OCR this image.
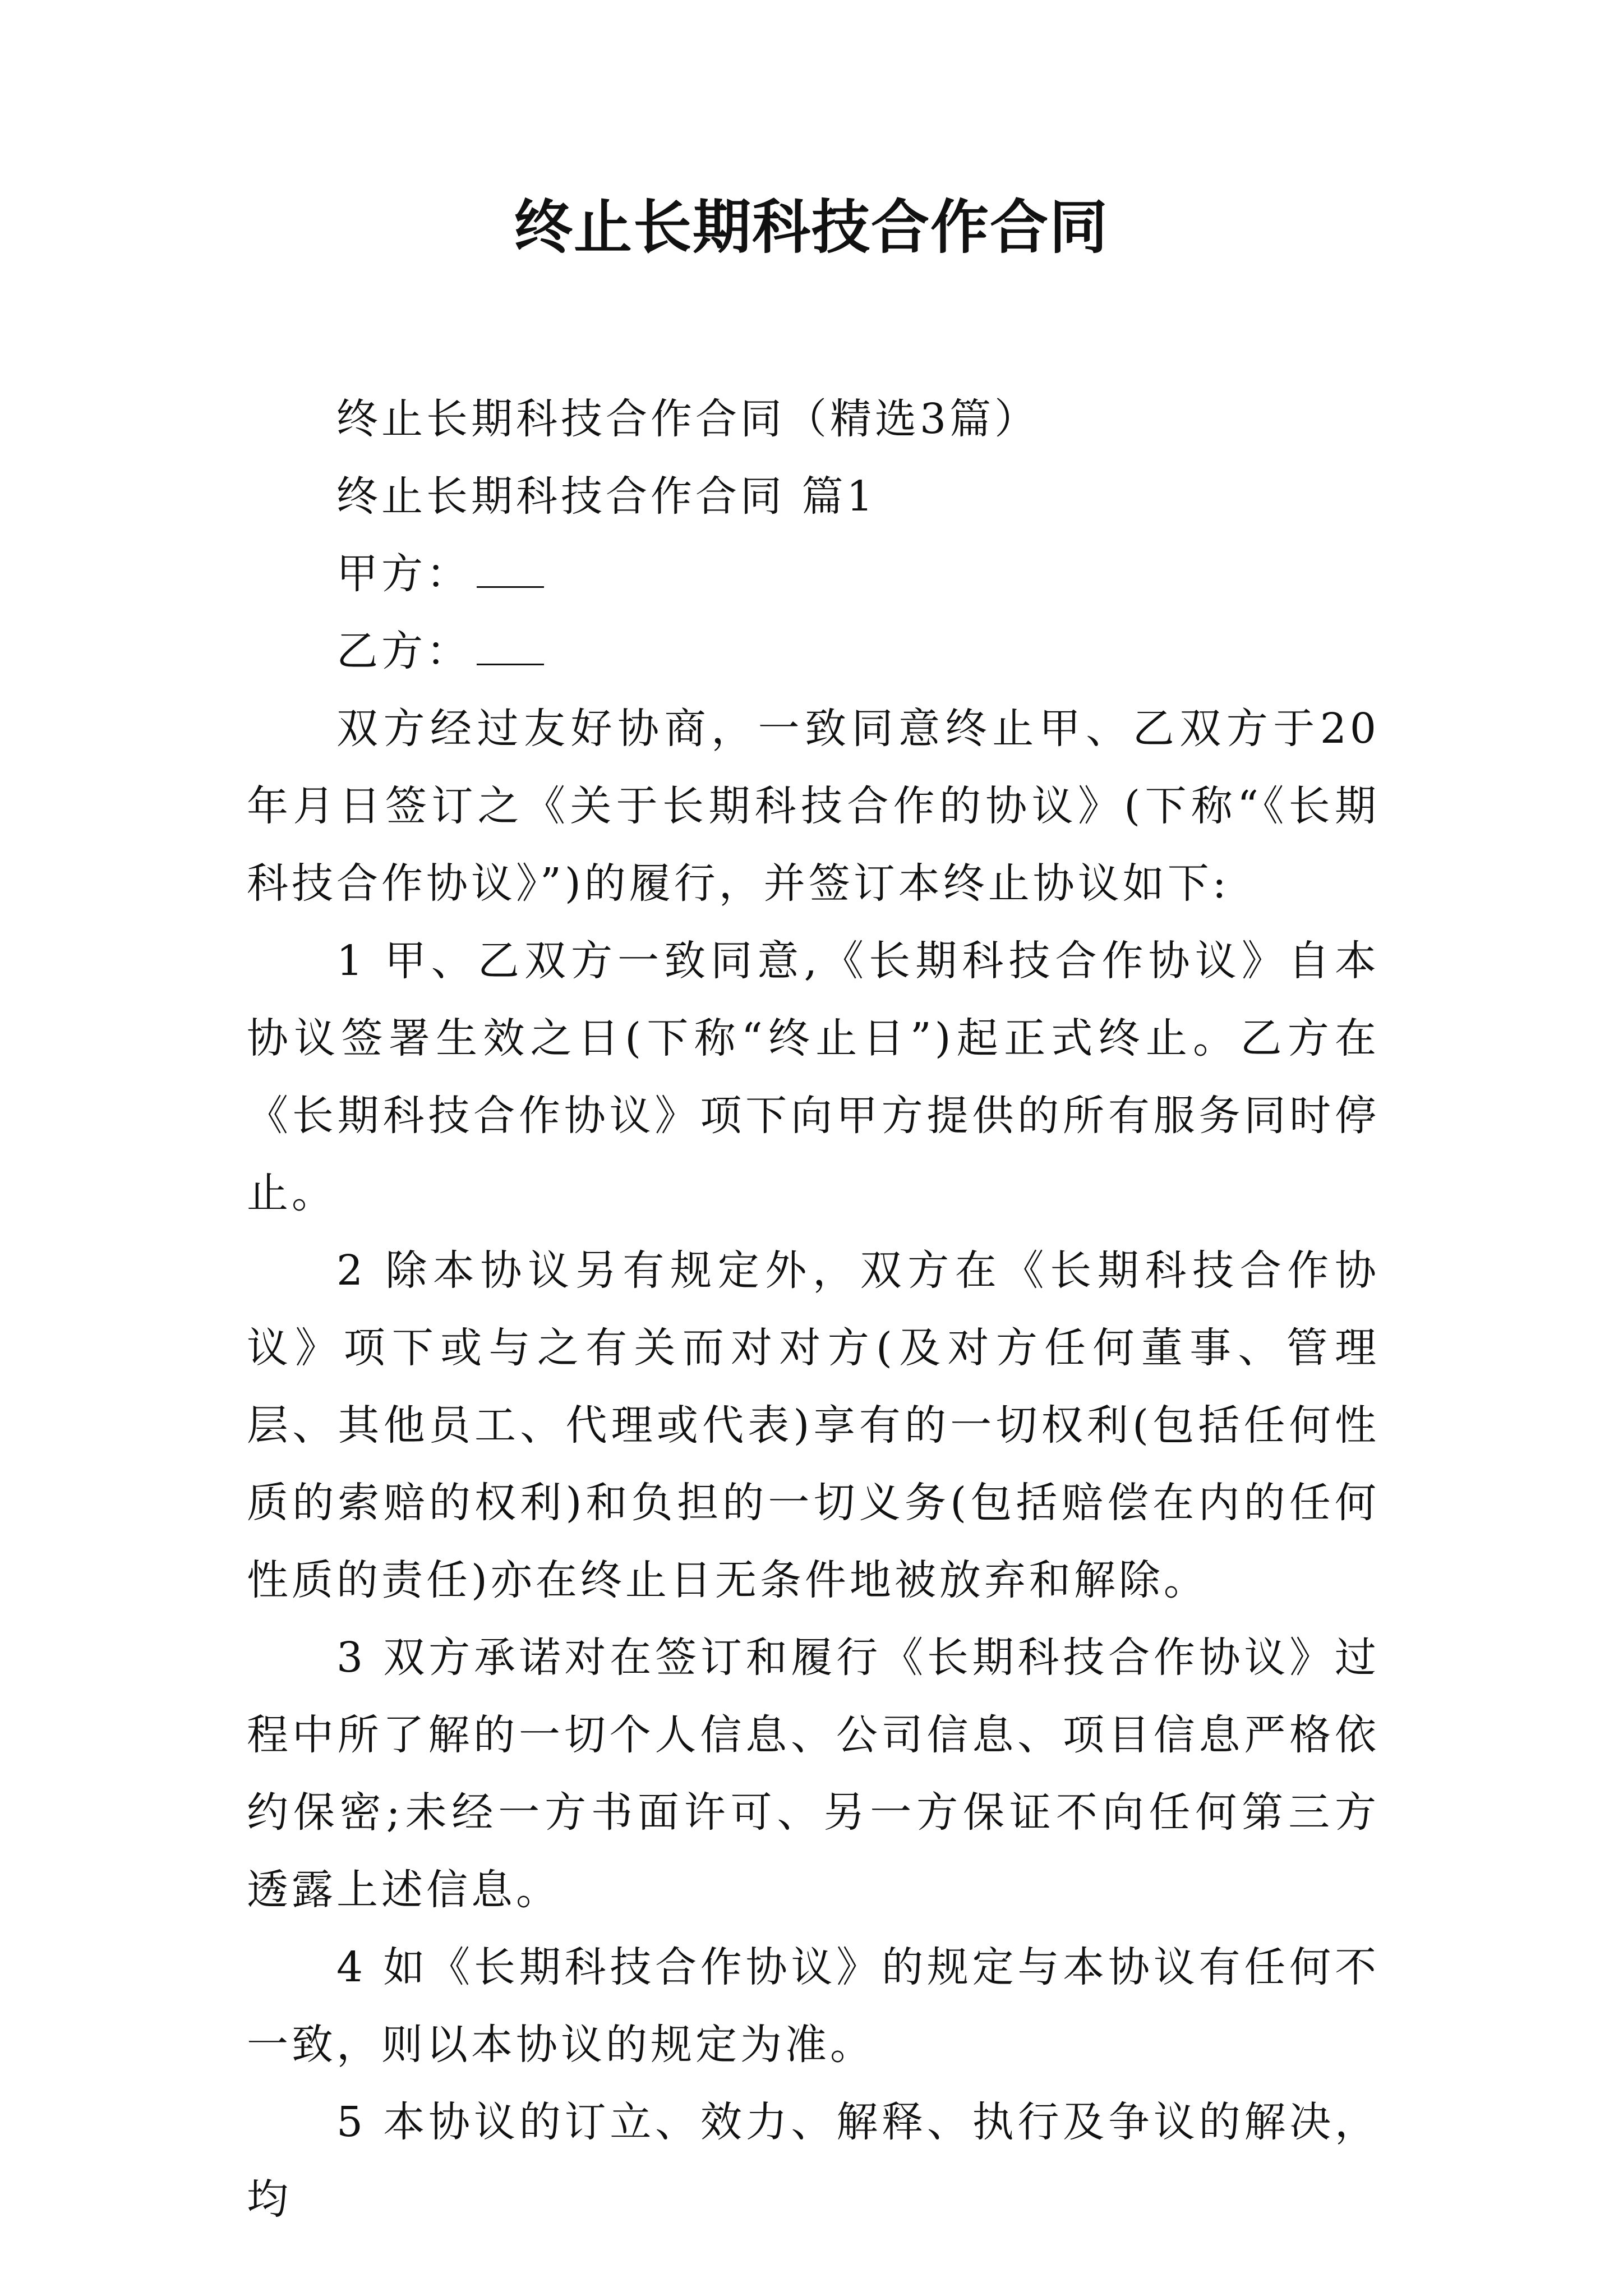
终止长期科技合作合同

终止长期科技合作合同（精选3篇）

终止长期科技合作合同 篇1

甲方：

乙方：

双方经过友好协商，一致同意终止甲、乙双方于20年月日签订之《关于长期科技合作的协议》(下称“《长期科技合作协议》”)的履行，并签订本终止协议如下:

1 甲、乙双方一致同意,《长期科技合作协议》自本协议签署生效之日(下称“终止日”)起正式终止。乙方在《长期科技合作协议》项下向甲方提供的所有服务同时停止。

2 除本协议另有规定外，双方在《长期科技合作协议》项下或与之有关而对对方(及对方任何董事、管理层、其他员工、代理或代表)享有的一切权利(包括任何性质的索赔的权利)和负担的一切义务(包括赔偿在内的任何性质的责任)亦在终止日无条件地被放弃和解除。

3 双方承诺对在签订和履行《长期科技合作协议》过程中所了解的一切个人信息、公司信息、项目信息严格依约保密;未经一方书面许可、另一方保证不向任何第三方透露上述信息。

4 如《长期科技合作协议》的规定与本协议有任何不一致，则以本协议的规定为准。

5 本协议的订立、效力、解释、执行及争议的解决，均
